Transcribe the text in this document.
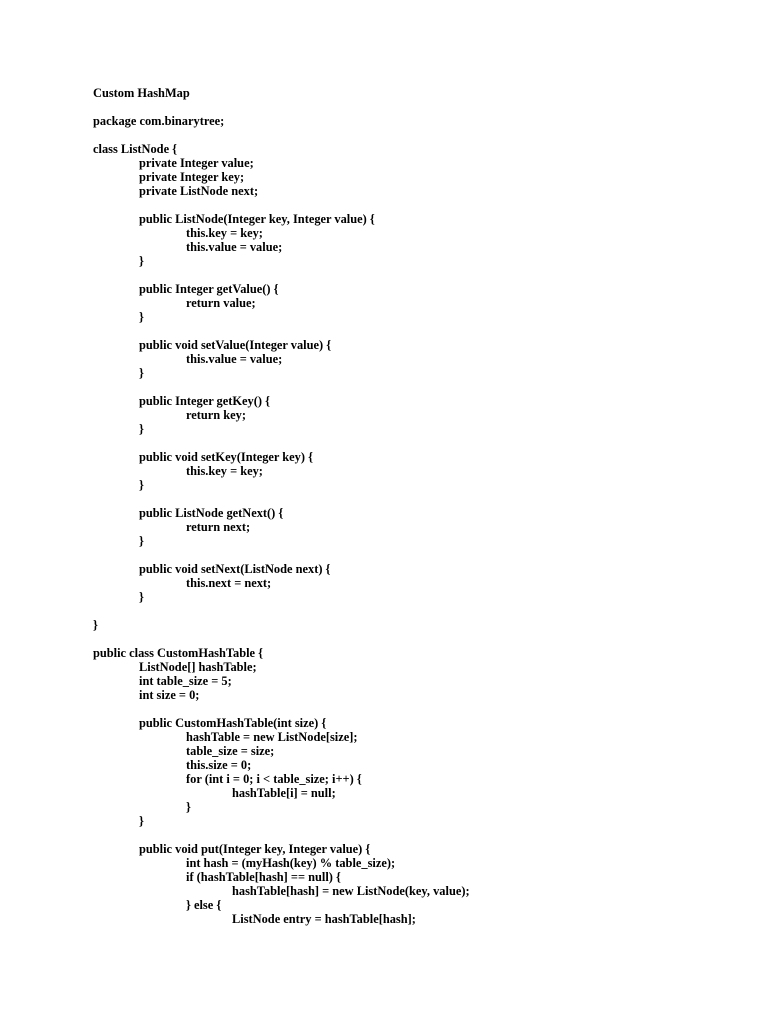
Custom HashMap
package com.binarytree;
class ListNode {
private Integer value;
private Integer key;
private ListNode next;
public ListNode(Integer key, Integer value) {
this.key = key;
this.value = value;
}
public Integer getValue() {
return value;
}
public void setValue(Integer value) {
this.value = value;
}
public Integer getKey() {
return key;
}
public void setKey(Integer key) {
this.key = key;
}
public ListNode getNext() {
return next;
}
public void setNext(ListNode next) {
this.next = next;
}
}
public class CustomHashTable {
ListNode[] hashTable;
int table_size = 5;
int size = 0;
public CustomHashTable(int size) {
hashTable = new ListNode[size];
table_size = size;
this.size = 0;
for (int i = 0; i < table_size; i++) {
hashTable[i] = null;
}
}
public void put(Integer key, Integer value) {
int hash = (myHash(key) % table_size);
if (hashTable[hash] == null) {
hashTable[hash] = new ListNode(key, value);
} else {
ListNode entry = hashTable[hash];
